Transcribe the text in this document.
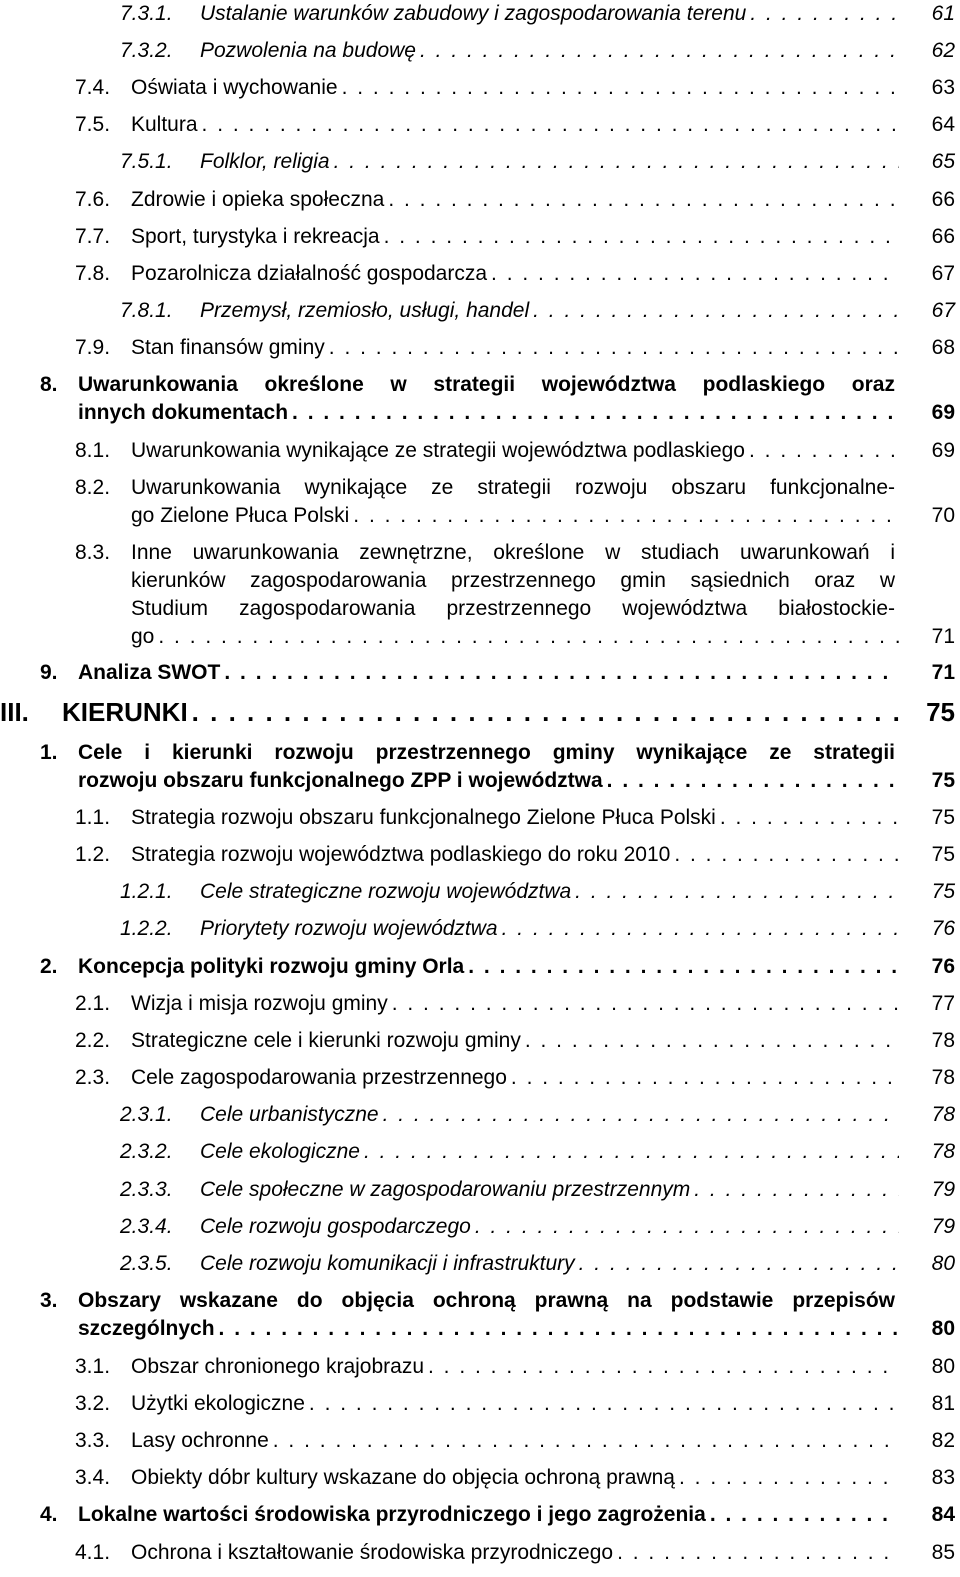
7.3.1. Ustalanie warunków zabudowy i zagospodarowania terenu . . .	61
7.3.2. Pozwolenia na budowę . . .	62
7.4. Oświata i wychowanie . . .	63
7.5. Kultura . . .	64
7.5.1. Folklor, religia . . .	65
7.6. Zdrowie i opieka społeczna . . .	66
7.7. Sport, turystyka i rekreacja . . .	66
7.8. Pozarolnicza działalność gospodarcza . . .	67
7.8.1. Przemysł, rzemiosło, usługi, handel . . .	67
7.9. Stan finansów gminy . . .	68
8. Uwarunkowania określone w strategii województwa podlaskiego oraz
innych dokumentach . . .	69
8.1. Uwarunkowania wynikające ze strategii województwa podlaskiego . . .	69
8.2. Uwarunkowania wynikające ze strategii rozwoju obszaru funkcjonalne-
go Zielone Płuca Polski . . .	70
8.3. Inne uwarunkowania zewnętrzne, określone w studiach uwarunkowań i
kierunków zagospodarowania przestrzennego gmin sąsiednich oraz w
Studium zagospodarowania przestrzennego województwa białostockie-
go . . .	71
9. Analiza SWOT . . .	71
III. KIERUNKI . . .	75
1. Cele i kierunki rozwoju przestrzennego gminy wynikające ze strategii
rozwoju obszaru funkcjonalnego ZPP i województwa . . .	75
1.1. Strategia rozwoju obszaru funkcjonalnego Zielone Płuca Polski . . .	75
1.2. Strategia rozwoju województwa podlaskiego do roku 2010 . . .	75
1.2.1. Cele strategiczne rozwoju województwa . . .	75
1.2.2. Priorytety rozwoju województwa . . .	76
2. Koncepcja polityki rozwoju gminy Orla . . .	76
2.1. Wizja i misja rozwoju gminy . . .	77
2.2. Strategiczne cele i kierunki rozwoju gminy . . .	78
2.3. Cele zagospodarowania przestrzennego . . .	78
2.3.1. Cele urbanistyczne . . .	78
2.3.2. Cele ekologiczne . . .	78
2.3.3. Cele społeczne w zagospodarowaniu przestrzennym . . .	79
2.3.4. Cele rozwoju gospodarczego . . .	79
2.3.5. Cele rozwoju komunikacji i infrastruktury . . .	80
3. Obszary wskazane do objęcia ochroną prawną na podstawie przepisów
szczególnych . . .	80
3.1. Obszar chronionego krajobrazu . . .	80
3.2. Użytki ekologiczne . . .	81
3.3. Lasy ochronne . . .	82
3.4. Obiekty dóbr kultury wskazane do objęcia ochroną prawną . . .	83
4. Lokalne wartości środowiska przyrodniczego i jego zagrożenia . . .	84
4.1. Ochrona i kształtowanie środowiska przyrodniczego . . .	85
